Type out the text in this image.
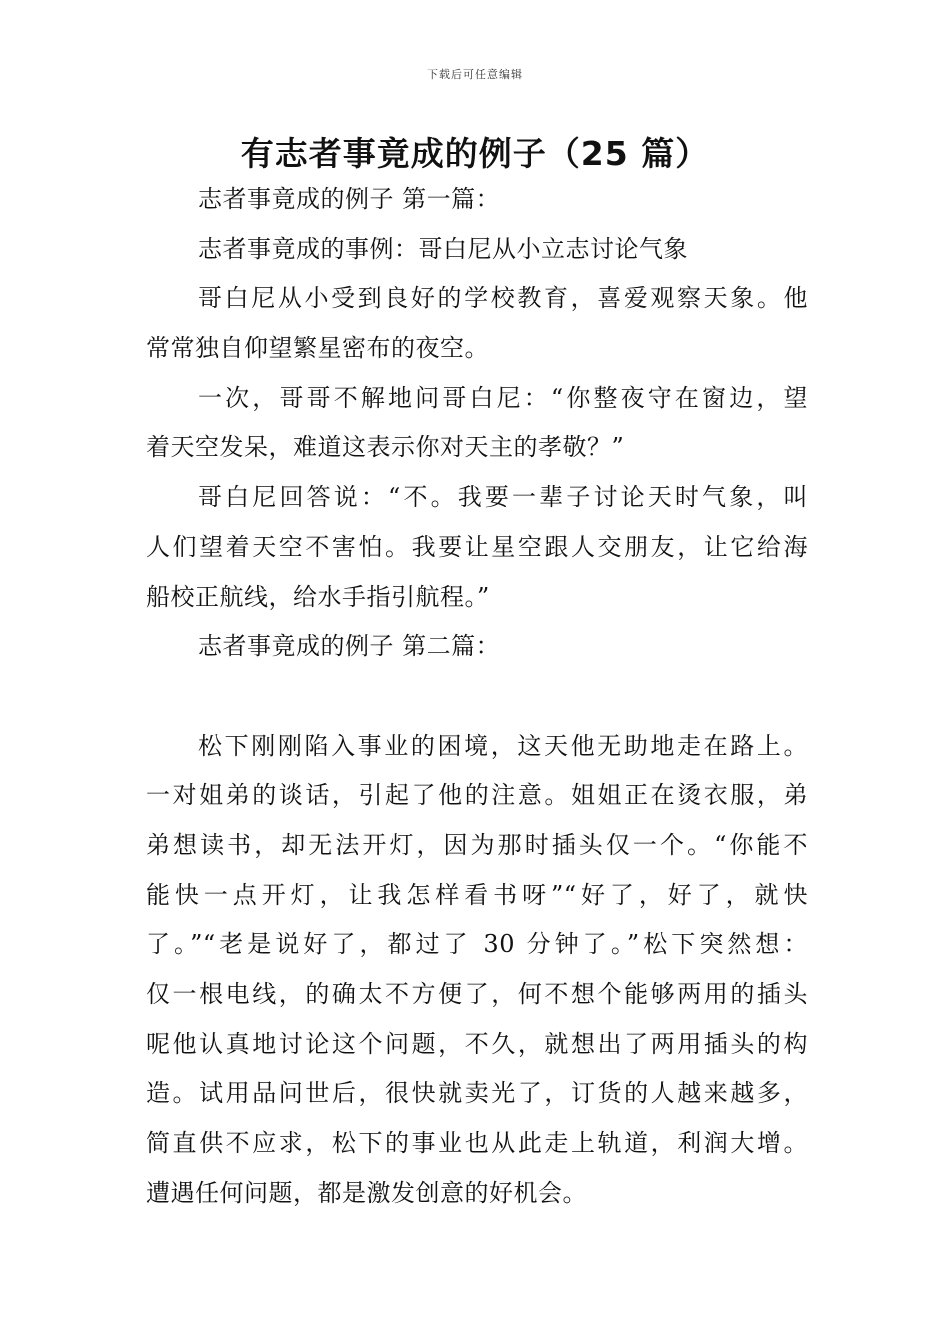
下载后可任意编辑
有志者事竟成的例子（25 篇）
志者事竟成的例子 第一篇：
志者事竟成的事例：哥白尼从小立志讨论气象
哥白尼从小受到良好的学校教育，喜爱观察天象。他
常常独自仰望繁星密布的夜空。
一次，哥哥不解地问哥白尼：“你整夜守在窗边，望
着天空发呆，难道这表示你对天主的孝敬？”
哥白尼回答说：“不。我要一辈子讨论天时气象，叫
人们望着天空不害怕。我要让星空跟人交朋友，让它给海
船校正航线，给水手指引航程。”
志者事竟成的例子 第二篇：
松下刚刚陷入事业的困境，这天他无助地走在路上。
一对姐弟的谈话，引起了他的注意。姐姐正在烫衣服，弟
弟想读书，却无法开灯，因为那时插头仅一个。“你能不
能快一点开灯，让我怎样看书呀”“好了，好了，就快
了。”“老是说好了，都过了 30 分钟了。”松下突然想：
仅一根电线，的确太不方便了，何不想个能够两用的插头
呢他认真地讨论这个问题，不久，就想出了两用插头的构
造。试用品问世后，很快就卖光了，订货的人越来越多，
简直供不应求，松下的事业也从此走上轨道，利润大增。
遭遇任何问题，都是激发创意的好机会。
